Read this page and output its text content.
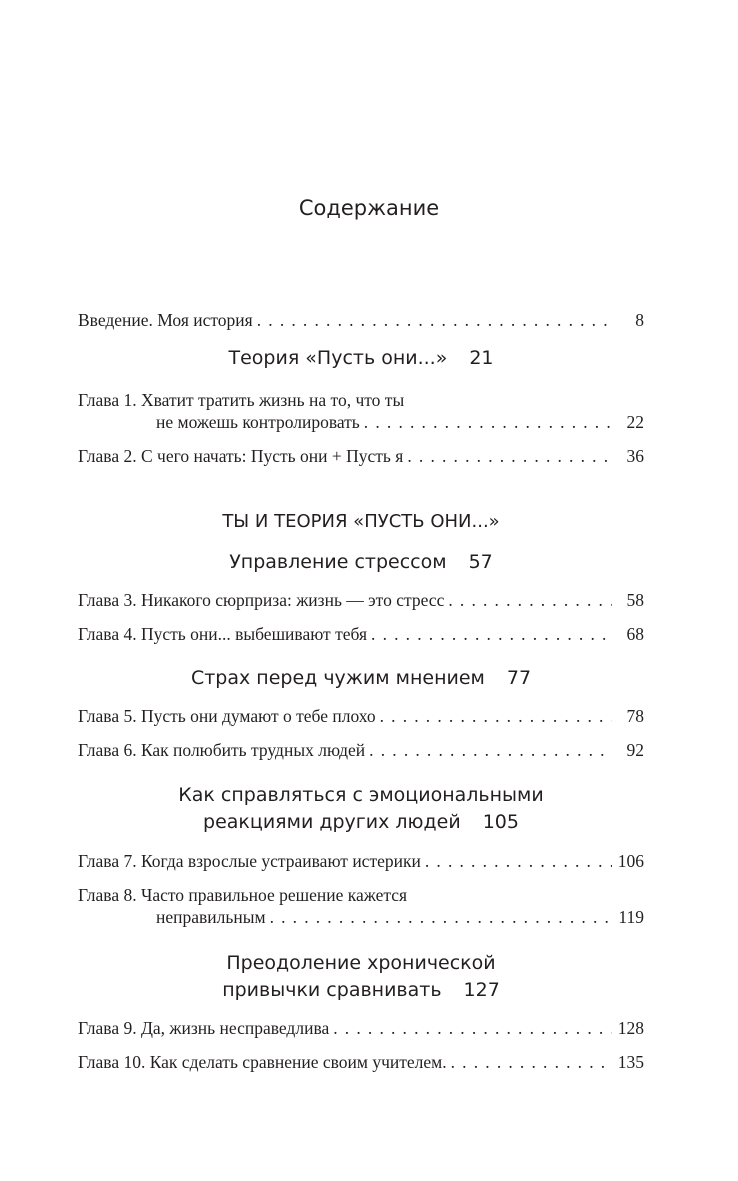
Содержание
Введение. Моя история . . .	8
Теория «Пусть они...» 21
Глава 1. Хватит тратить жизнь на то, что ты
не можешь контролировать . . .	22
Глава 2. С чего начать: Пусть они + Пусть я . . .	36
ТЫ И ТЕОРИЯ «ПУСТЬ ОНИ...»
Управление стрессом 57
Глава 3. Никакого сюрприза: жизнь — это стресс . . .	58
Глава 4. Пусть они... выбешивают тебя . . .	68
Страх перед чужим мнением 77
Глава 5. Пусть они думают о тебе плохо . . .	78
Глава 6. Как полюбить трудных людей . . .	92
Как справляться с эмоциональными
реакциями других людей 105
Глава 7. Когда взрослые устраивают истерики . . .	106
Глава 8. Часто правильное решение кажется
неправильным . . .	119
Преодоление хронической
привычки сравнивать 127
Глава 9. Да, жизнь несправедлива . . .	128
Глава 10. Как сделать сравнение своим учителем. . . .	135
